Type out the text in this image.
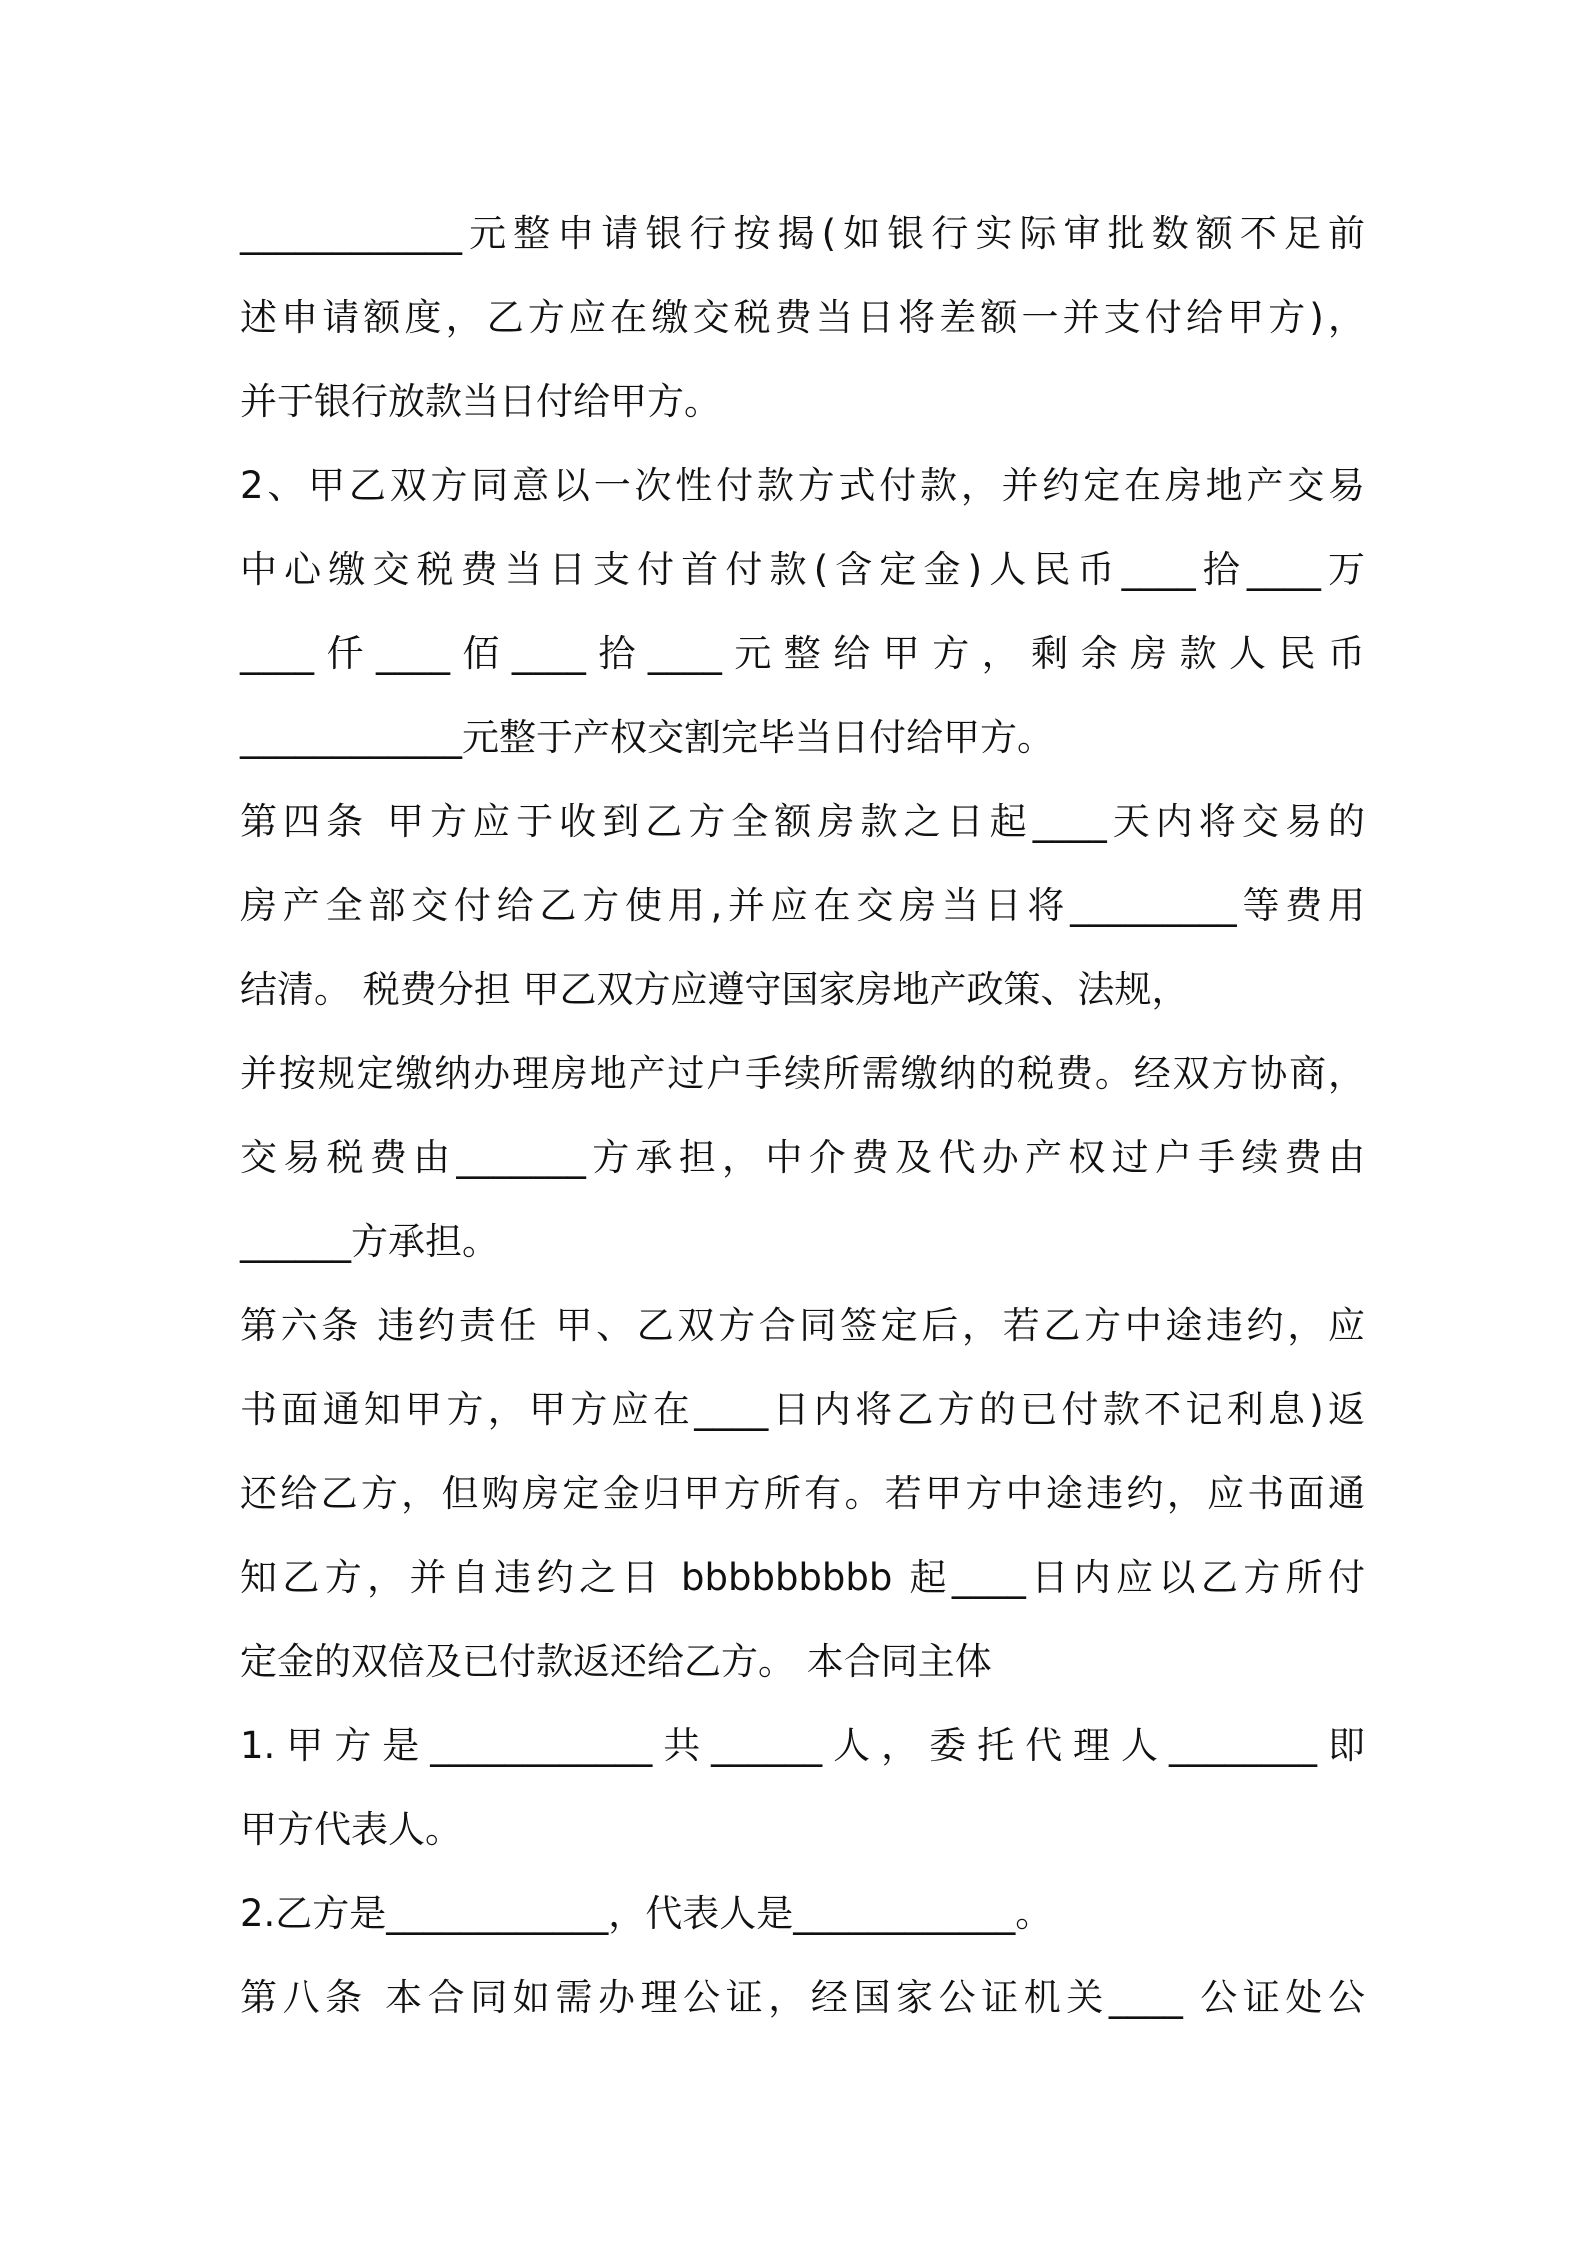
____________元整申请银行按揭(如银行实际审批数额不足前
述申请额度，乙方应在缴交税费当日将差额一并支付给甲方)，
并于银行放款当日付给甲方。
2、甲乙双方同意以一次性付款方式付款，并约定在房地产交易
中心缴交税费当日支付首付款(含定金)人民币____拾____万
____仟____佰____拾____元整给甲方，剩余房款人民币
____________元整于产权交割完毕当日付给甲方。
第四条 甲方应于收到乙方全额房款之日起____天内将交易的
房产全部交付给乙方使用,并应在交房当日将_________等费用
结清。 税费分担 甲乙双方应遵守国家房地产政策、法规，
并按规定缴纳办理房地产过户手续所需缴纳的税费。经双方协商，
交易税费由_______方承担，中介费及代办产权过户手续费由
______方承担。
第六条 违约责任 甲、乙双方合同签定后，若乙方中途违约，应
书面通知甲方，甲方应在____日内将乙方的已付款不记利息)返
还给乙方，但购房定金归甲方所有。若甲方中途违约，应书面通
知乙方，并自违约之日 bbbbbbbbb 起____日内应以乙方所付
定金的双倍及已付款返还给乙方。 本合同主体
1.甲方是____________共______人，委托代理人________即
甲方代表人。
2.乙方是____________，代表人是____________。
第八条 本合同如需办理公证，经国家公证机关____ 公证处公
